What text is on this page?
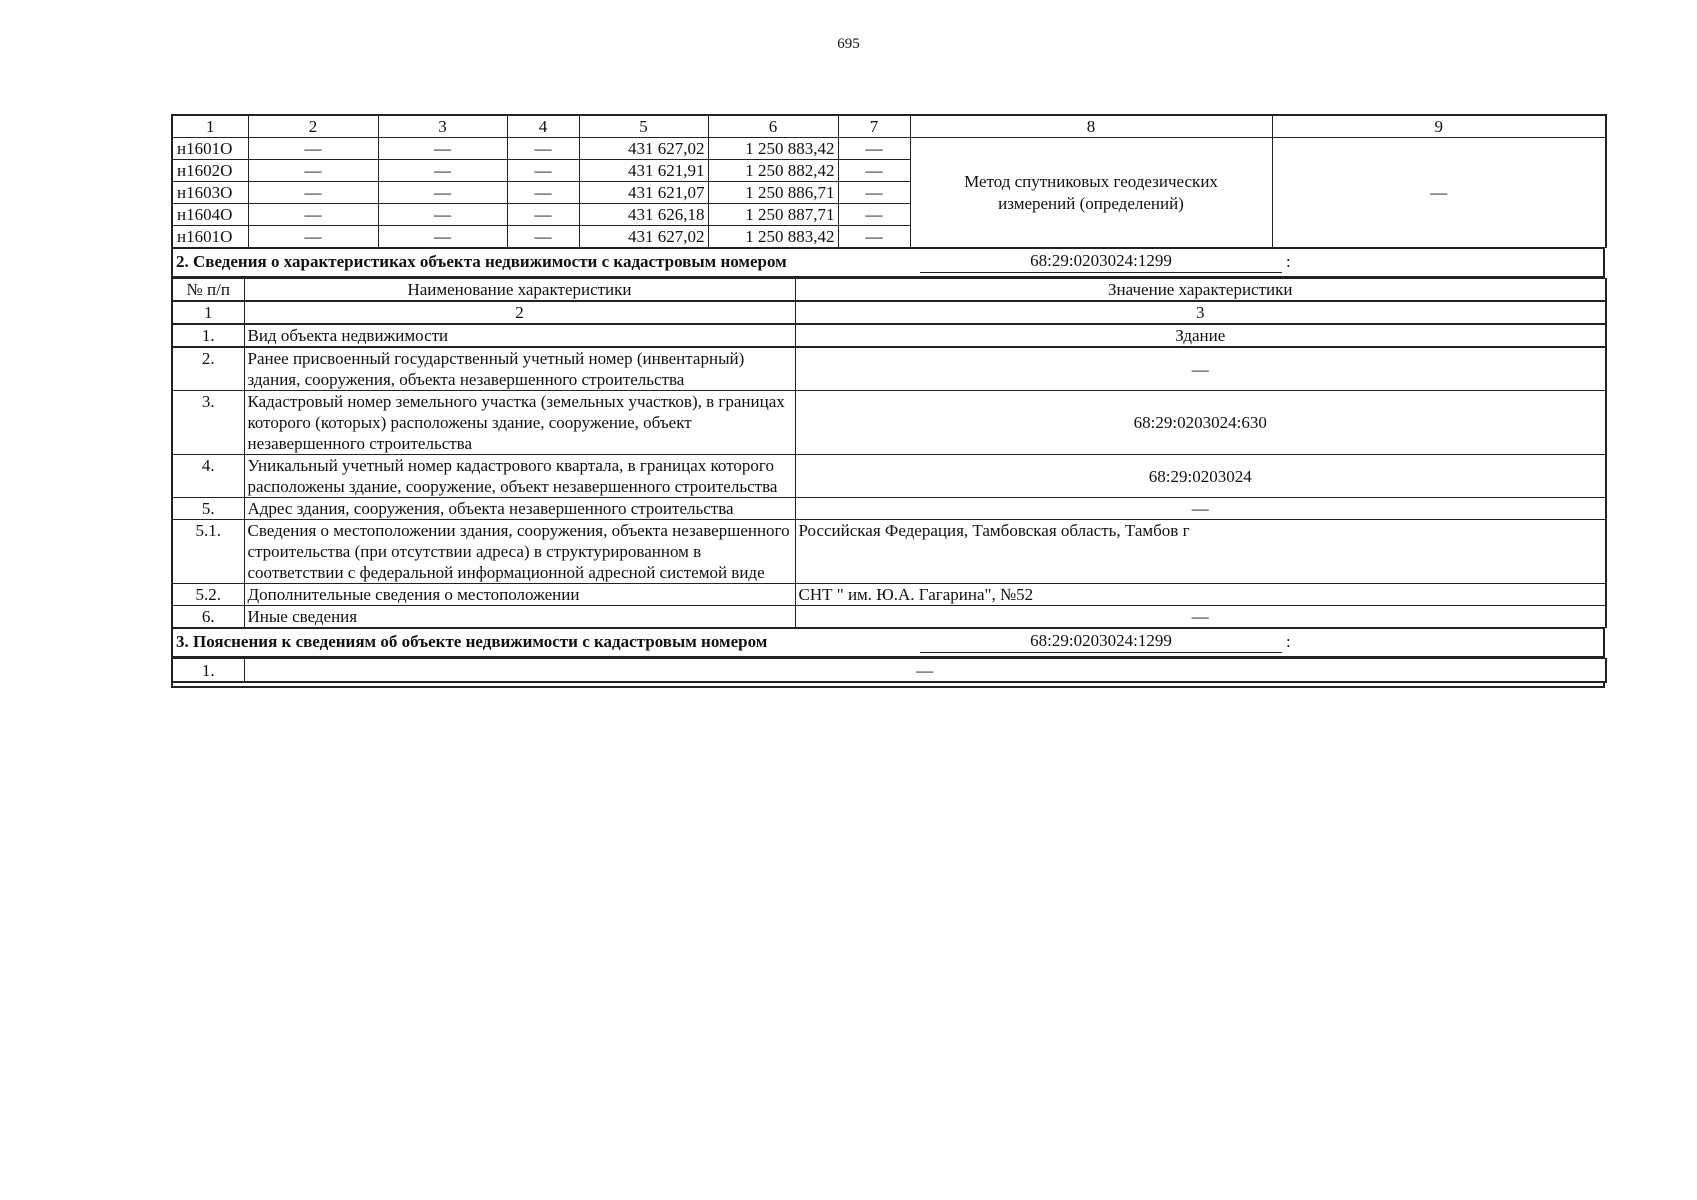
695
1	2	3	4	5	6	7	8	9
н1601О	—	—	—	431 627,02	1 250 883,42	—	Метод спутниковых геодезических измерений (определений)	—
н1602О	—	—	—	431 621,91	1 250 882,42	—		
н1603О	—	—	—	431 621,07	1 250 886,71	—		
н1604О	—	—	—	431 626,18	1 250 887,71	—		
н1601О	—	—	—	431 627,02	1 250 883,42	—		
2. Сведения о характеристиках объекта недвижимости с кадастровым номером	68:29:0203024:1299	:
№ п/п	Наименование характеристики	Значение характеристики
1	2	3
1.	Вид объекта недвижимости	Здание
2.	Ранее присвоенный государственный учетный номер (инвентарный) здания, сооружения, объекта незавершенного строительства	—
3.	Кадастровый номер земельного участка (земельных участков), в границах которого (которых) расположены здание, сооружение, объект незавершенного строительства	68:29:0203024:630
4.	Уникальный учетный номер кадастрового квартала, в границах которого расположены здание, сооружение, объект незавершенного строительства	68:29:0203024
5.	Адрес здания, сооружения, объекта незавершенного строительства	—
5.1.	Сведения о местоположении здания, сооружения, объекта незавершенного строительства (при отсутствии адреса) в структурированном в соответствии с федеральной информационной адресной системой виде	Российская Федерация, Тамбовская область, Тамбов г
5.2.	Дополнительные сведения о местоположении	СНТ " им. Ю.А. Гагарина", №52
6.	Иные сведения	—
3. Пояснения к сведениям об объекте недвижимости с кадастровым номером	68:29:0203024:1299	:
1.	—
